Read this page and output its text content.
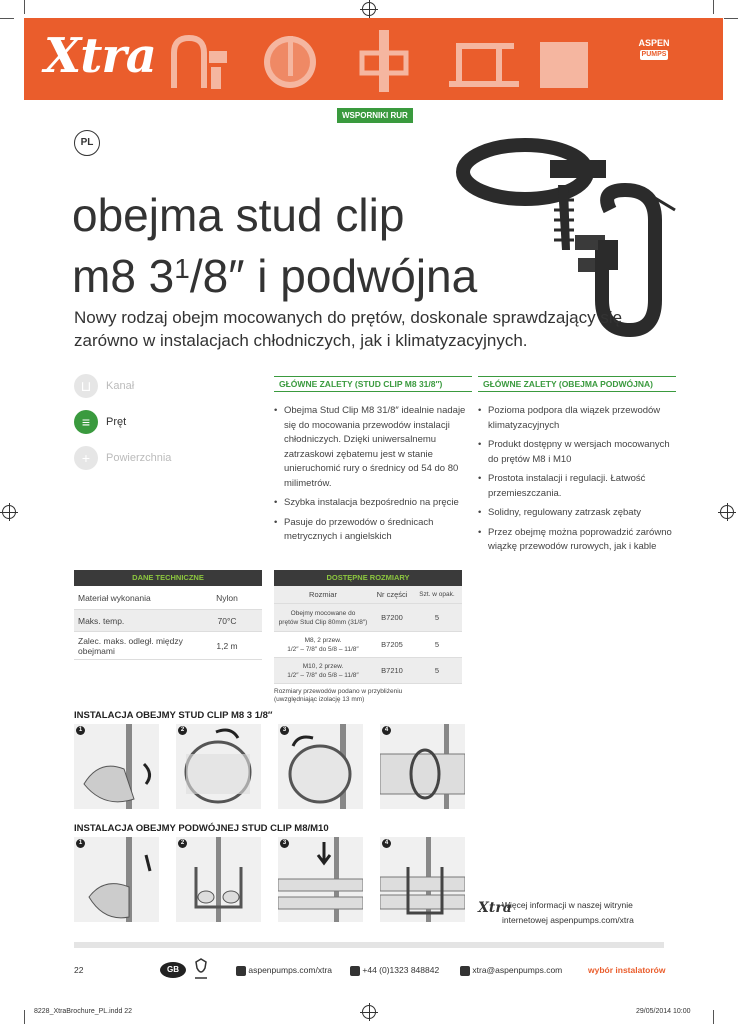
Xtra	ASPEN
PUMPS
WSPORNIKI RUR
PL
obejma stud clip
m8 $3^1/8''$ i podwójna
Nowy rodzaj obejm mocowanych do prętów, doskonale sprawdzający się zarówno w instalacjach chłodniczych, jak i klimatyzacyjnych.
⊔	Kanał
≡	Pręt
+	Powierzchnia
GŁÓWNE ZALETY (STUD CLIP M8 31/8″)
• Obejma Stud Clip M8 31/8″ idealnie nadaje się do mocowania przewodów instalacji chłodniczych. Dzięki uniwersalnemu zatrzaskowi zębatemu jest w stanie unieruchomić rury o średnicy od 54 do 80 milimetrów.
• Szybka instalacja bezpośrednio na pręcie
• Pasuje do przewodów o średnicach metrycznych i angielskich
GŁÓWNE ZALETY (OBEJMA PODWÓJNA)
• Pozioma podpora dla wiązek przewodów klimatyzacyjnych
• Produkt dostępny w wersjach mocowanych do prętów M8 i M10
• Prostota instalacji i regulacji. Łatwość przemieszczania.
• Solidny, regulowany zatrzask zębaty
• Przez obejmę można poprowadzić zarówno wiązkę przewodów rurowych, jak i kable
DANE TECHNICZNE
Materiał wykonania	Nylon
Maks. temp.	70°C
Zalec. maks. odległ. między obejmami	1,2 m
DOSTĘPNE ROZMIARY
Rozmiar	Nr części	Szt. w opak.
Obejmy mocowane do
prętów Stud Clip 80mm (31/8″)	B7200	5
M8, 2 przew.
1/2″ – 7/8″ do 5/8 – 11/8″	B7205	5
M10, 2 przew.
1/2″ – 7/8″ do 5/8 – 11/8″	B7210	5
Rozmiary przewodów podano w przybliżeniu (uwzględniając izolację 13 mm)
INSTALACJA OBEJMY STUD CLIP M8 3 1/8″
1	2	3	4
INSTALACJA OBEJMY PODWÓJNEJ STUD CLIP M8/M10
1	2	3	4
Xtra
Więcej informacji w naszej witrynie
internetowej aspenpumps.com/xtra
22	GB	aspenpumps.com/xtra	+44 (0)1323 848842	xtra@aspenpumps.com	wybór instalatorów
8228_XtraBrochure_PL.indd 22	29/05/2014 10:00
